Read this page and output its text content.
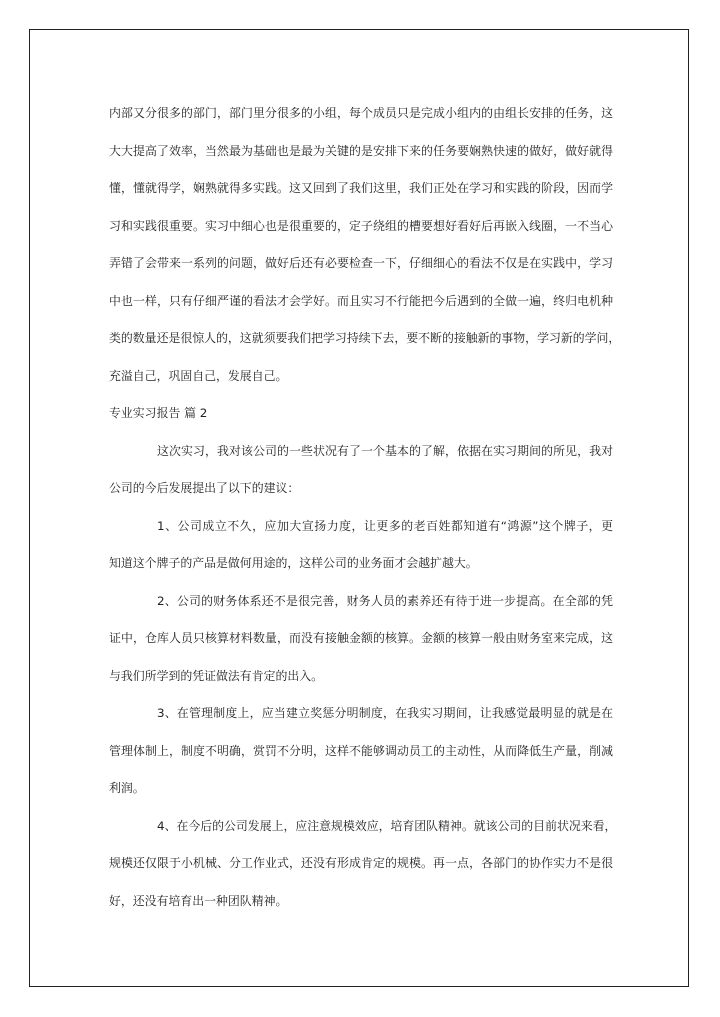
内部又分很多的部门，部门里分很多的小组，每个成员只是完成小组内的由组长安排的任务，这
大大提高了效率，当然最为基础也是最为关键的是安排下来的任务要娴熟快速的做好，做好就得
懂，懂就得学，娴熟就得多实践。这又回到了我们这里，我们正处在学习和实践的阶段，因而学
习和实践很重要。实习中细心也是很重要的，定子绕组的槽要想好看好后再嵌入线圈，一不当心
弄错了会带来一系列的问题，做好后还有必要检查一下，仔细细心的看法不仅是在实践中，学习
中也一样，只有仔细严谨的看法才会学好。而且实习不行能把今后遇到的全做一遍，终归电机种
类的数量还是很惊人的，这就须要我们把学习持续下去，要不断的接触新的事物，学习新的学问，
充溢自己，巩固自己，发展自己。

专业实习报告 篇 2

这次实习，我对该公司的一些状况有了一个基本的了解，依据在实习期间的所见，我对
公司的今后发展提出了以下的建议：

1、公司成立不久，应加大宣扬力度，让更多的老百姓都知道有“鸿源”这个牌子，更
知道这个牌子的产品是做何用途的，这样公司的业务面才会越扩越大。

2、公司的财务体系还不是很完善，财务人员的素养还有待于进一步提高。在全部的凭
证中，仓库人员只核算材料数量，而没有接触金额的核算。金额的核算一般由财务室来完成，这
与我们所学到的凭证做法有肯定的出入。

3、在管理制度上，应当建立奖惩分明制度，在我实习期间，让我感觉最明显的就是在
管理体制上，制度不明确，赏罚不分明，这样不能够调动员工的主动性，从而降低生产量，削减
利润。

4、在今后的公司发展上，应注意规模效应，培育团队精神。就该公司的目前状况来看，
规模还仅限于小机械、分工作业式，还没有形成肯定的规模。再一点，各部门的协作实力不是很
好，还没有培育出一种团队精神。
